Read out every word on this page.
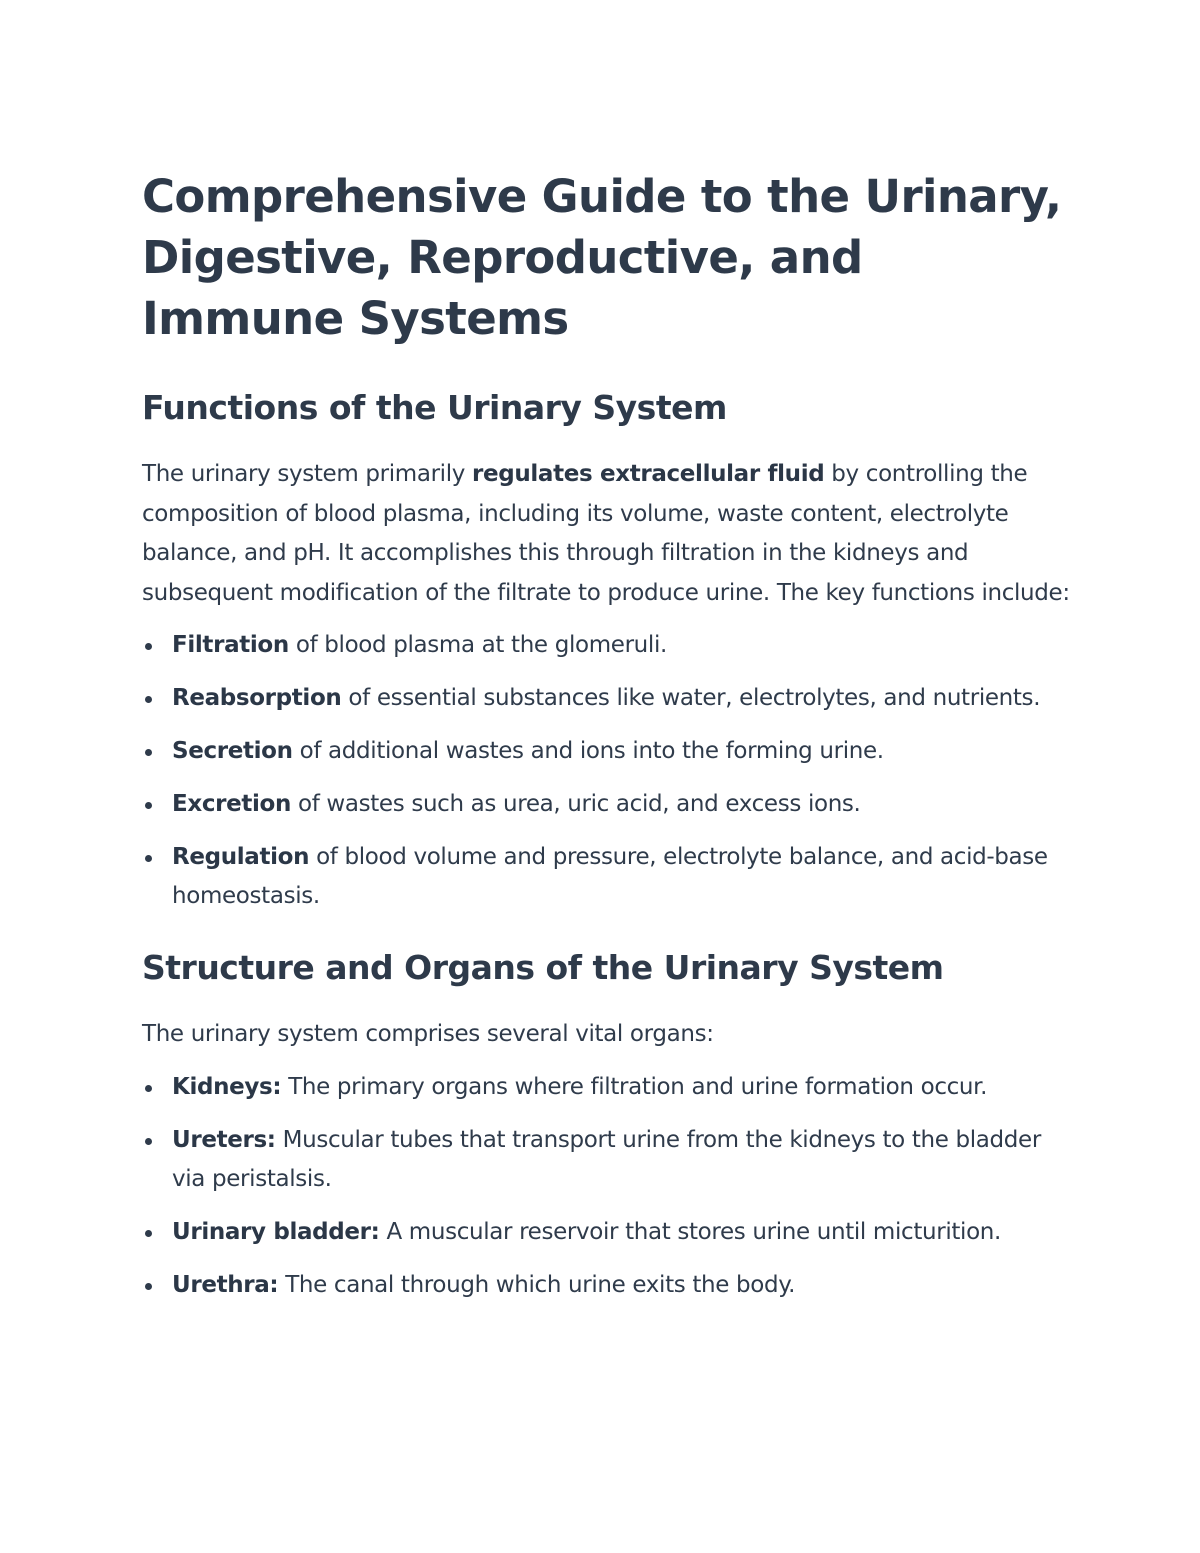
Comprehensive Guide to the Urinary, Digestive, Reproductive, and Immune Systems
Functions of the Urinary System

The urinary system primarily regulates extracellular fluid by controlling the composition of blood plasma, including its volume, waste content, electrolyte balance, and pH. It accomplishes this through filtration in the kidneys and subsequent modification of the filtrate to produce urine. The key functions include:

Filtration of blood plasma at the glomeruli.
Reabsorption of essential substances like water, electrolytes, and nutrients.
Secretion of additional wastes and ions into the forming urine.
Excretion of wastes such as urea, uric acid, and excess ions.
Regulation of blood volume and pressure, electrolyte balance, and acid-base homeostasis.
Structure and Organs of the Urinary System

The urinary system comprises several vital organs:

Kidneys: The primary organs where filtration and urine formation occur.
Ureters: Muscular tubes that transport urine from the kidneys to the bladder via peristalsis.
Urinary bladder: A muscular reservoir that stores urine until micturition.
Urethra: The canal through which urine exits the body.
